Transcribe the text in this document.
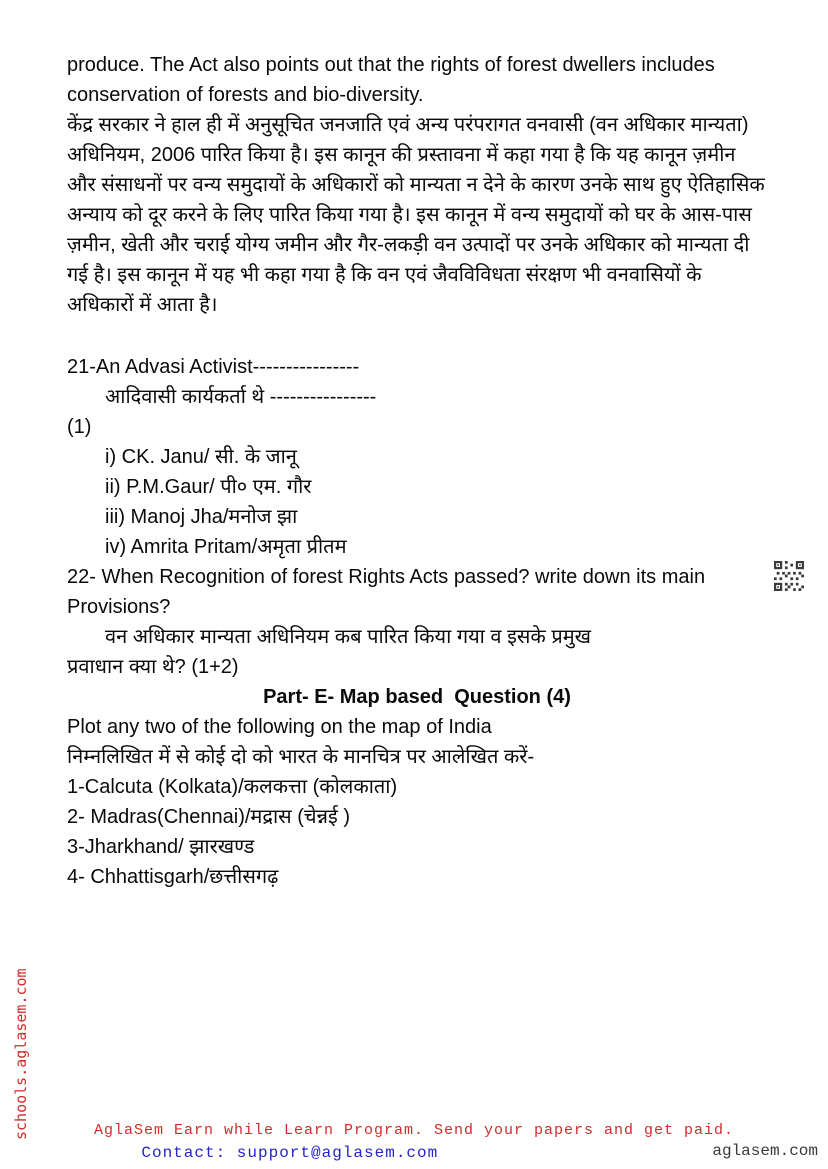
produce. The Act also points out that the rights of forest dwellers includes conservation of forests and bio-diversity.

केंद्र सरकार ने हाल ही में अनुसूचित जनजाति एवं अन्य परंपरागत वनवासी (वन अधिकार मान्यता) अधिनियम, 2006 पारित किया है। इस कानून की प्रस्तावना में कहा गया है कि यह कानून ज़मीन और संसाधनों पर वन्य समुदायों के अधिकारों को मान्यता न देने के कारण उनके साथ हुए ऐतिहासिक अन्याय को दूर करने के लिए पारित किया गया है। इस कानून में वन्य समुदायों को घर के आस-पास ज़मीन, खेती और चराई योग्य जमीन और गैर-लकड़ी वन उत्पादों पर उनके अधिकार को मान्यता दी गई है। इस कानून में यह भी कहा गया है कि वन एवं जैवविविधता संरक्षण भी वनवासियों के अधिकारों में आता है।

21-An Advasi Activist----------------

आदिवासी कार्यकर्ता थे ----------------

(1)

i) CK. Janu/ सी. के जानू

ii) P.M.Gaur/ पी० एम. गौर

iii) Manoj Jha/मनोज झा

iv) Amrita Pritam/अमृता प्रीतम

22- When Recognition of forest Rights Acts passed? write down its main Provisions?

वन अधिकार मान्यता अधिनियम कब पारित किया गया व इसके प्रमुख

प्रवाधान क्या थे? (1+2)

Part- E- Map based  Question (4)

Plot any two of the following on the map of India

निम्नलिखित में से कोई दो को भारत के मानचित्र पर आलेखित करें-

1-Calcuta (Kolkata)/कलकत्ता (कोलकाता)

2- Madras(Chennai)/मद्रास (चेन्नई )

3-Jharkhand/ झारखण्ड

4- Chhattisgarh/छत्तीसगढ़

schools.aglasem.com	AglaSem Earn while Learn Program. Send your papers and get paid.
Contact: support@aglasem.com	aglasem.com
